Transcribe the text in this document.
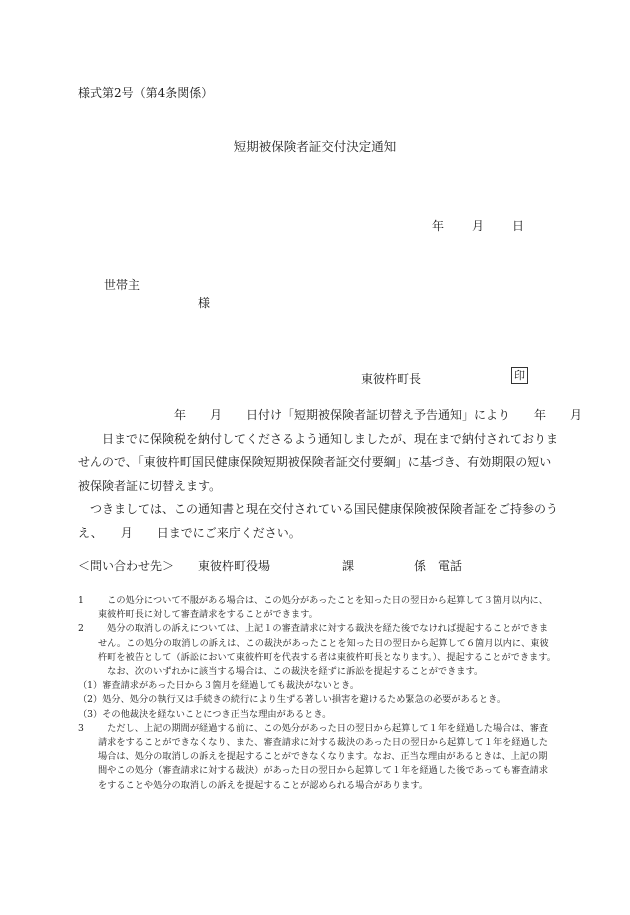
様式第2号（第4条関係）
短期被保険者証交付決定通知
年 月 日
世帯主
様
東彼杵町長	印

　　　　　　　　年　　月　　日付け「短期被保険者証切替え予告通知」により　　年　　月

　　日までに保険税を納付してくださるよう通知しましたが、現在まで納付されておりま

せんので、「東彼杵町国民健康保険短期被保険者証交付要綱」に基づき、有効期限の短い

被保険者証に切替えます。

　つきましては、この通知書と現在交付されている国民健康保険被保険者証をご持参のう

え、　　月　　日までにご来庁ください。

＜問い合わせ先＞　　東彼杵町役場　　　　　　課　　　　　係　電話
1	　この処分について不服がある場合は、この処分があったことを知った日の翌日から起算して３箇月以内に、東彼杵町長に対して審査請求をすることができます。
2	　処分の取消しの訴えについては、上記１の審査請求に対する裁決を経た後でなければ提起することができません。この処分の取消しの訴えは、この裁決があったことを知った日の翌日から起算して６箇月以内に、東彼杵町を被告として（訴訟において東彼杵町を代表する者は東彼杵町長となります。）、提起することができます。
　なお、次のいずれかに該当する場合は、この裁決を経ずに訴訟を提起することができます。
（1） 審査請求があった日から３箇月を経過しても裁決がないとき。
（2） 処分、処分の執行又は手続きの続行により生ずる著しい損害を避けるため緊急の必要があるとき。
（3） その他裁決を経ないことにつき正当な理由があるとき。
3	　ただし、上記の期間が経過する前に、この処分があった日の翌日から起算して１年を経過した場合は、審査請求をすることができなくなり、また、審査請求に対する裁決のあった日の翌日から起算して１年を経過した場合は、処分の取消しの訴えを提起することができなくなります。なお、正当な理由があるときは、上記の期間やこの処分（審査請求に対する裁決）があった日の翌日から起算して１年を経過した後であっても審査請求をすることや処分の取消しの訴えを提起することが認められる場合があります。
